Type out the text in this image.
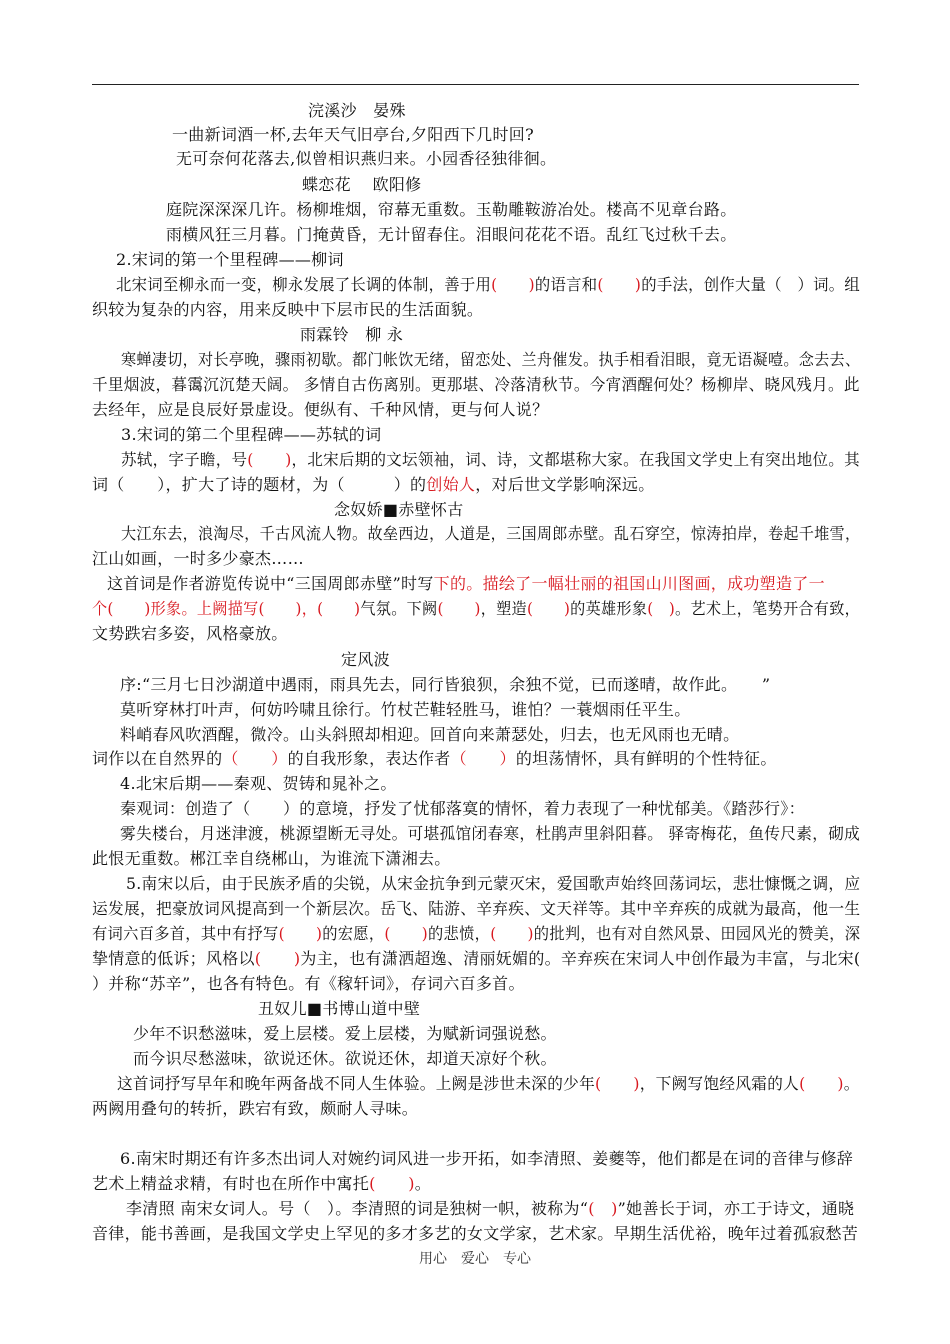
浣溪沙　晏殊
一曲新词酒一杯,去年天气旧亭台,夕阳西下几时回?
无可奈何花落去,似曾相识燕归来。小园香径独徘徊。
蝶恋花　 欧阳修
庭院深深深几许。杨柳堆烟，帘幕无重数。玉勒雕鞍游冶处。楼高不见章台路。
雨横风狂三月暮。门掩黄昏，无计留春住。泪眼问花花不语。乱红飞过秋千去。
2.宋词的第一个里程碑——柳词
北宋词至柳永而一变，柳永发展了长调的体制，善于用(　　)的语言和(　　)的手法，创作大量（　）词。组
织较为复杂的内容，用来反映中下层市民的生活面貌。
雨霖铃　柳 永
寒蝉凄切，对长亭晚，骤雨初歇。都门帐饮无绪，留恋处、兰舟催发。执手相看泪眼，竟无语凝噎。念去去、
千里烟波，暮霭沉沉楚天阔。 多情自古伤离别。更那堪、冷落清秋节。今宵酒醒何处？杨柳岸、晓风残月。此
去经年，应是良辰好景虚设。便纵有、千种风情，更与何人说？
3.宋词的第二个里程碑——苏轼的词
苏轼，字子瞻，号(　　)，北宋后期的文坛领袖，词、诗，文都堪称大家。在我国文学史上有突出地位。其
词（　　），扩大了诗的题材，为（　　　）的创始人，对后世文学影响深远。
念奴娇■赤壁怀古
大江东去，浪淘尽，千古风流人物。故垒西边，人道是，三国周郎赤壁。乱石穿空，惊涛拍岸，卷起千堆雪，
江山如画，一时多少豪杰……
这首词是作者游览传说中“三国周郎赤壁”时写下的。描绘了一幅壮丽的祖国山川图画，成功塑造了一
个(　　)形象。上阙描写(　　)，(　　)气氛。下阙(　　)，塑造(　　)的英雄形象(　)。艺术上，笔势开合有致，
文势跌宕多姿，风格豪放。
定风波
序:“三月七日沙湖道中遇雨，雨具先去，同行皆狼狈，余独不觉，已而遂晴，故作此。　　”
莫听穿林打叶声，何妨吟啸且徐行。竹杖芒鞋轻胜马，谁怕？一蓑烟雨任平生。
料峭春风吹酒醒，微冷。山头斜照却相迎。回首向来萧瑟处，归去，也无风雨也无晴。
词作以在自然界的（　　）的自我形象，表达作者（　　）的坦荡情怀，具有鲜明的个性特征。
4.北宋后期——秦观、贺铸和晁补之。
秦观词：创造了（　　）的意境，抒发了忧郁落寞的情怀，着力表现了一种忧郁美。《踏莎行》：
雾失楼台，月迷津渡，桃源望断无寻处。可堪孤馆闭春寒，杜鹃声里斜阳暮。 驿寄梅花，鱼传尺素，砌成
此恨无重数。郴江幸自绕郴山，为谁流下潇湘去。
5.南宋以后，由于民族矛盾的尖锐，从宋金抗争到元蒙灭宋，爱国歌声始终回荡词坛，悲壮慷慨之调，应
运发展，把豪放词风提高到一个新层次。岳飞、陆游、辛弃疾、文天祥等。其中辛弃疾的成就为最高，他一生
有词六百多首，其中有抒写(　　)的宏愿，(　　)的悲愤，(　　)的批判，也有对自然风景、田园风光的赞美，深
挚情意的低诉；风格以(　　)为主，也有潇洒超逸、清丽妩媚的。辛弃疾在宋词人中创作最为丰富，与北宋(
）并称“苏辛”，也各有特色。有《稼轩词》，存词六百多首。
丑奴儿■书博山道中壁
少年不识愁滋味，爱上层楼。爱上层楼，为赋新词强说愁。
而今识尽愁滋味，欲说还休。欲说还休，却道天凉好个秋。
这首词抒写早年和晚年两备战不同人生体验。上阙是涉世未深的少年(　　)，下阙写饱经风霜的人(　　)。
两阙用叠句的转折，跌宕有致，颇耐人寻味。
6.南宋时期还有许多杰出词人对婉约词风进一步开拓，如李清照、姜夔等，他们都是在词的音律与修辞
艺术上精益求精，有时也在所作中寓托(　　)。
李清照 南宋女词人。号（　）。李清照的词是独树一帜，被称为“(　)”她善长于词，亦工于诗文，通晓
音律，能书善画，是我国文学史上罕见的多才多艺的女文学家，艺术家。早期生活优裕，晚年过着孤寂愁苦
用心　爱心　专心
